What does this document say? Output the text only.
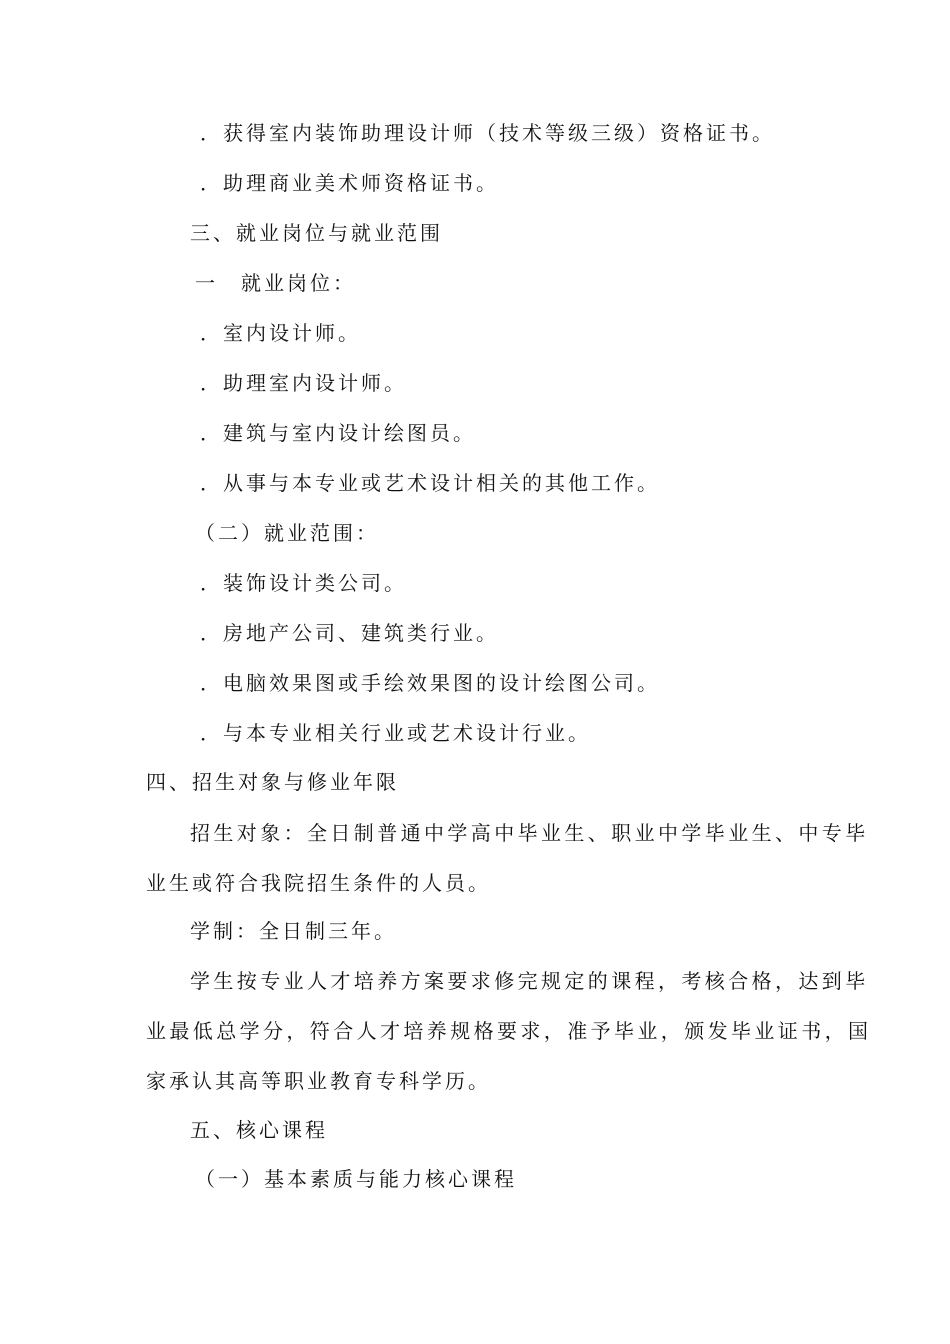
．获得室内装饰助理设计师（技术等级三级）资格证书。
．助理商业美术师资格证书。
三、就业岗位与就业范围
一　就业岗位：
．室内设计师。
．助理室内设计师。
．建筑与室内设计绘图员。
．从事与本专业或艺术设计相关的其他工作。
（二）就业范围：
．装饰设计类公司。
．房地产公司、建筑类行业。
．电脑效果图或手绘效果图的设计绘图公司。
．与本专业相关行业或艺术设计行业。
四、招生对象与修业年限
招生对象：全日制普通中学高中毕业生、职业中学毕业生、中专毕
业生或符合我院招生条件的人员。
学制：全日制三年。
学生按专业人才培养方案要求修完规定的课程，考核合格，达到毕
业最低总学分，符合人才培养规格要求，准予毕业，颁发毕业证书，国
家承认其高等职业教育专科学历。
五、核心课程
（一）基本素质与能力核心课程
